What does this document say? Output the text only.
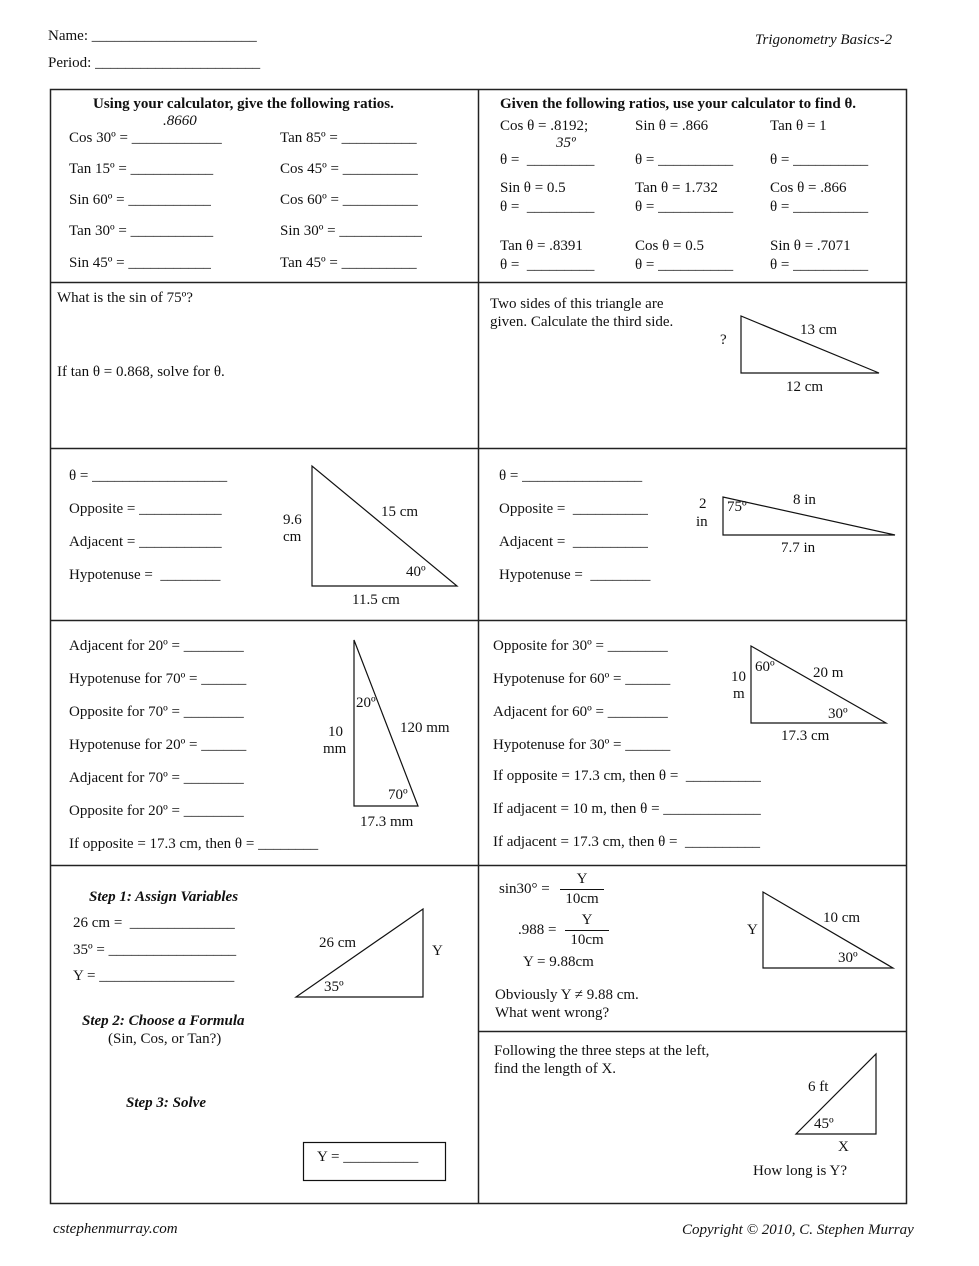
Name: ______________________
Period: ______________________
Trigonometry Basics-2
Using your calculator, give the following ratios.
Cos 30º = ____________
.8660
Tan 15º = ___________
Sin 60º = ___________
Tan 30º = ___________
Sin 45º = ___________
Tan 85º = __________
Cos 45º = __________
Cos 60º = __________
Sin 30º = ___________
Tan 45º = __________
Given the following ratios, use your calculator to find θ.
Cos θ = .8192;
35º
θ =  _________
Sin θ = .866
θ = __________
Tan θ = 1
θ = __________
Sin θ = 0.5
θ =  _________
Tan θ = 1.732
θ = __________
Cos θ = .866
θ = __________
Tan θ = .8391
θ =  _________
Cos θ = 0.5
θ = __________
Sin θ = .7071
θ = __________
What is the sin of 75º?
If tan θ = 0.868, solve for θ.
Two sides of this triangle are
given. Calculate the third side.
?
13 cm
12 cm
θ = __________________
Opposite = ___________
Adjacent = ___________
Hypotenuse =  ________
9.6
cm
15 cm
40º
11.5 cm
θ = ________________
Opposite =  __________
Adjacent =  __________
Hypotenuse =  ________
2
in
75º	8 in
7.7 in
Adjacent for 20º = ________
Hypotenuse for 70º = ______
Opposite for 70º = ________
Hypotenuse for 20º = ______
Adjacent for 70º = ________
Opposite for 20º = ________
If opposite = 17.3 cm, then θ = ________
20º
10
mm
120 mm
70º
17.3 mm
Opposite for 30º = ________
Hypotenuse for 60º = ______
Adjacent for 60º = ________
Hypotenuse for 30º = ______
If opposite = 17.3 cm, then θ =  __________
If adjacent = 10 m, then θ = _____________
If adjacent = 17.3 cm, then θ =  __________
60º
10
m
20 m
30º
17.3 cm
Step 1: Assign Variables
26 cm =  ______________
35º = _________________
Y = __________________
26 cm	Y
35º
Step 2: Choose a Formula
(Sin, Cos, or Tan?)
Step 3: Solve
Y = __________
$\sin 30^\circ = \frac{Y}{10cm}$
$.988 = \frac{Y}{10cm}$
Y = 9.88cm
Obviously Y ≠ 9.88 cm.
What went wrong?
Y
10 cm
30º
Following the three steps at the left,
find the length of X.
6 ft
45º
X
How long is Y?
cstephenmurray.com	Copyright © 2010, C. Stephen Murray
